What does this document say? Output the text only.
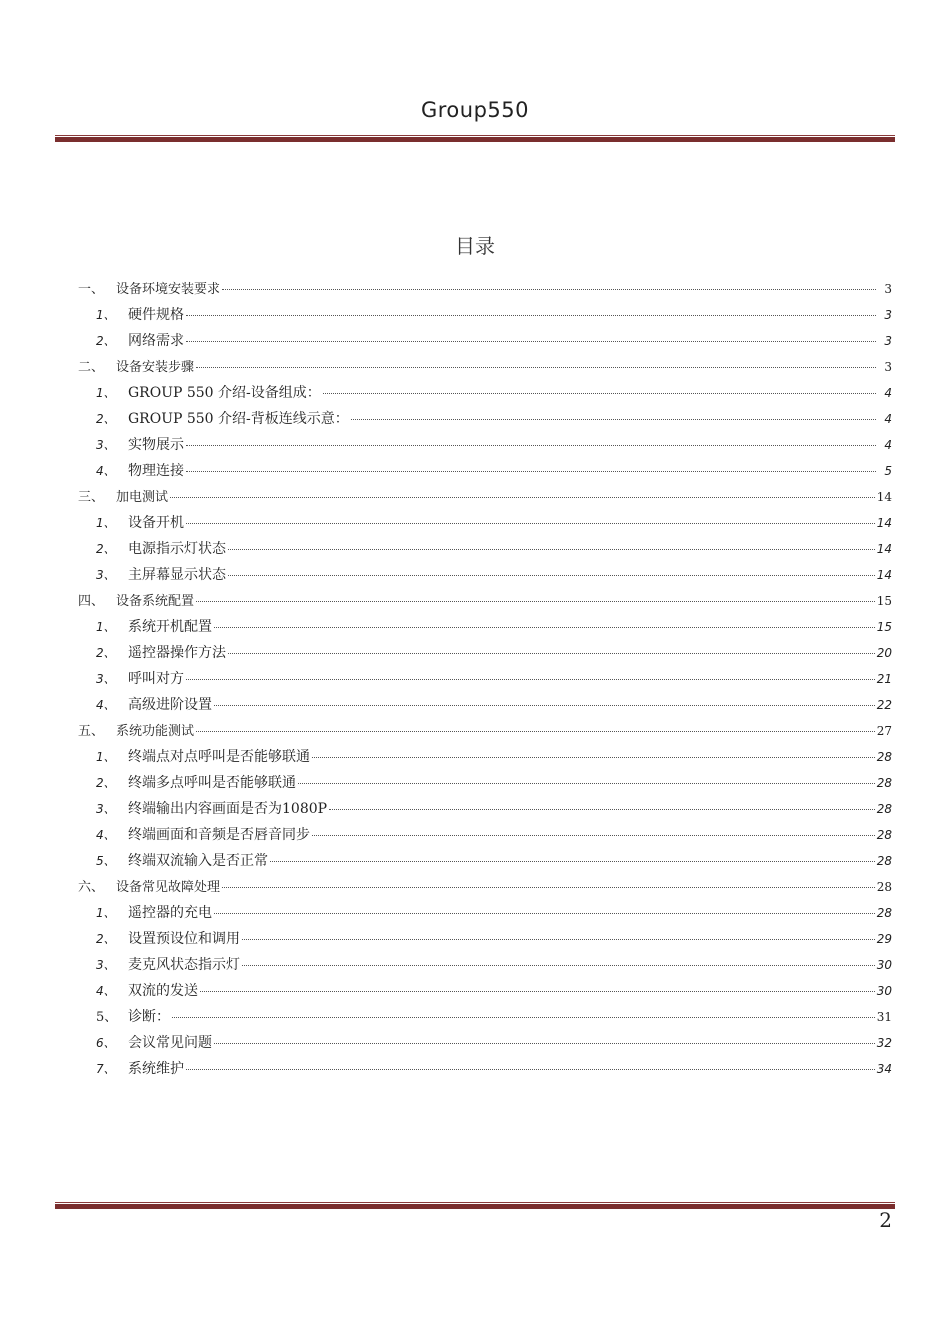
Group550
目录
一、 设备环境安装要求	3
1、 硬件规格	3
2、 网络需求	3
二、 设备安装步骤	3
1、 GROUP 550 介绍-设备组成：	4
2、 GROUP 550 介绍-背板连线示意：	4
3、 实物展示	4
4、 物理连接	5
三、 加电测试	14
1、 设备开机	14
2、 电源指示灯状态	14
3、 主屏幕显示状态	14
四、 设备系统配置	15
1、 系统开机配置	15
2、 遥控器操作方法	20
3、 呼叫对方	21
4、 高级进阶设置	22
五、 系统功能测试	27
1、 终端点对点呼叫是否能够联通	28
2、 终端多点呼叫是否能够联通	28
3、 终端输出内容画面是否为1080P	28
4、 终端画面和音频是否唇音同步	28
5、 终端双流输入是否正常	28
六、 设备常见故障处理	28
1、 遥控器的充电	28
2、 设置预设位和调用	29
3、 麦克风状态指示灯	30
4、 双流的发送	30
5、 诊断：	31
6、 会议常见问题	32
7、 系统维护	34
2
